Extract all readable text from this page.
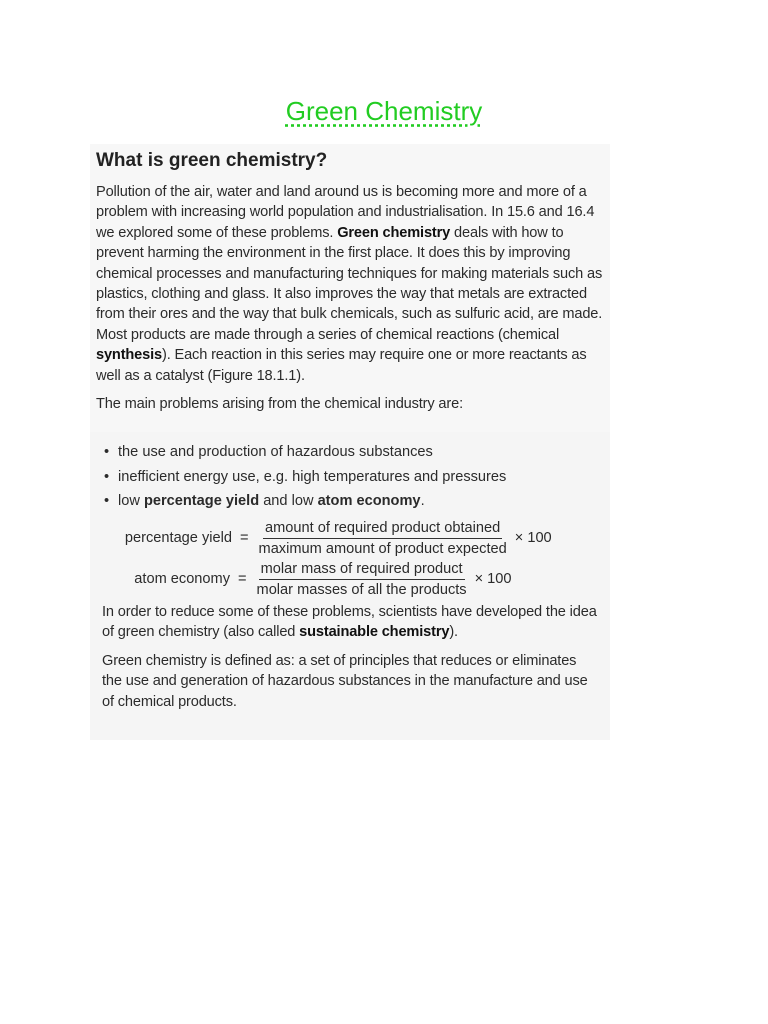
Green Chemistry
What is green chemistry?

Pollution of the air, water and land around us is becoming more and more of a problem with increasing world population and industrialisation. In 15.6 and 16.4 we explored some of these problems. Green chemistry deals with how to prevent harming the environment in the first place. It does this by improving chemical processes and manufacturing techniques for making materials such as plastics, clothing and glass. It also improves the way that metals are extracted from their ores and the way that bulk chemicals, such as sulfuric acid, are made. Most products are made through a series of chemical reactions (chemical synthesis). Each reaction in this series may require one or more reactants as well as a catalyst (Figure 18.1.1).

The main problems arising from the chemical industry are:

• the use and production of hazardous substances
• inefficient energy use, e.g. high temperatures and pressures
• low percentage yield and low atom economy.
percentage yield = $\frac{\text{amount of required product obtained}}{\text{maximum amount of product expected}} \times 100$
atom economy = $\frac{\text{molar mass of required product}}{\text{molar masses of all the products}} \times 100$

In order to reduce some of these problems, scientists have developed the idea of green chemistry (also called sustainable chemistry).

Green chemistry is defined as: a set of principles that reduces or eliminates the use and generation of hazardous substances in the manufacture and use of chemical products.
